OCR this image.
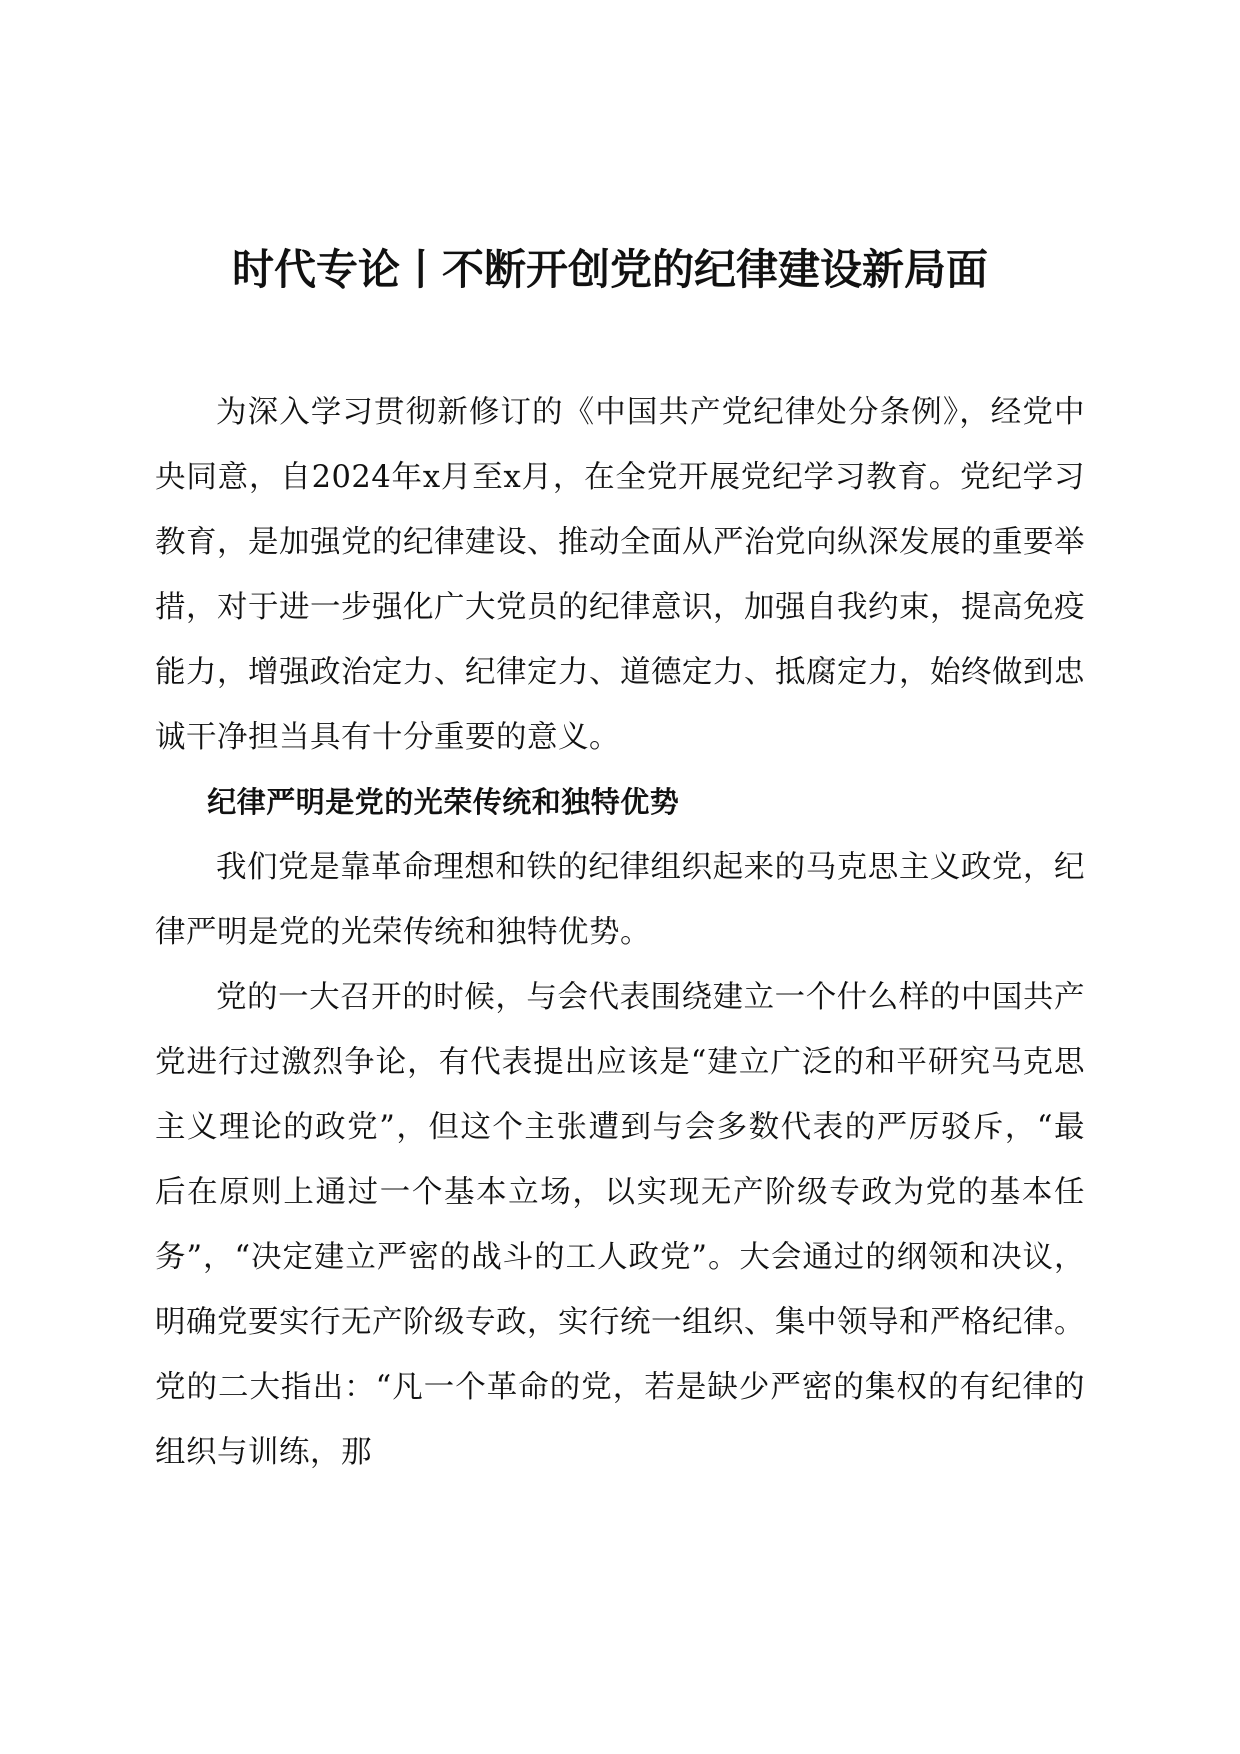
时代专论丨不断开创党的纪律建设新局面

为深入学习贯彻新修订的《中国共产党纪律处分条例》，经党中央同意，自2024年x月至x月，在全党开展党纪学习教育。党纪学习教育，是加强党的纪律建设、推动全面从严治党向纵深发展的重要举措，对于进一步强化广大党员的纪律意识，加强自我约束，提高免疫能力，增强政治定力、纪律定力、道德定力、抵腐定力，始终做到忠诚干净担当具有十分重要的意义。

纪律严明是党的光荣传统和独特优势

我们党是靠革命理想和铁的纪律组织起来的马克思主义政党，纪律严明是党的光荣传统和独特优势。

党的一大召开的时候，与会代表围绕建立一个什么样的中国共产党进行过激烈争论，有代表提出应该是“建立广泛的和平研究马克思主义理论的政党”，但这个主张遭到与会多数代表的严厉驳斥，“最后在原则上通过一个基本立场，以实现无产阶级专政为党的基本任务”，“决定建立严密的战斗的工人政党”。大会通过的纲领和决议，明确党要实行无产阶级专政，实行统一组织、集中领导和严格纪律。党的二大指出：“凡一个革命的党，若是缺少严密的集权的有纪律的组织与训练，那
